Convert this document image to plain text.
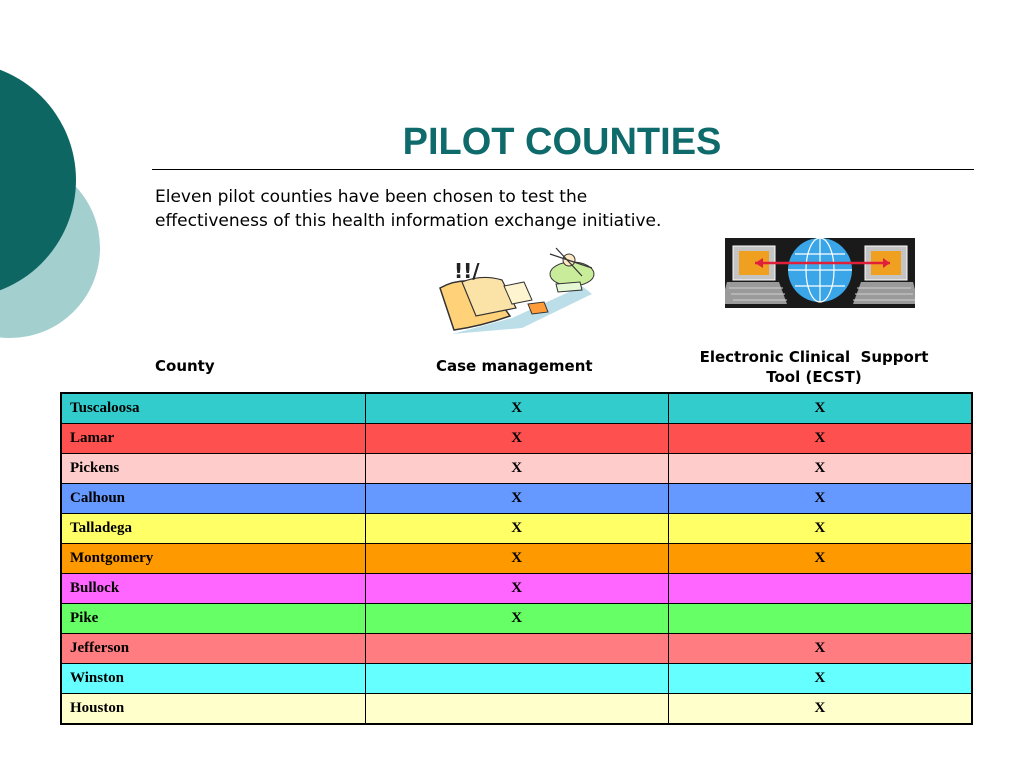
PILOT COUNTIES
Eleven pilot counties have been chosen to test the
effectiveness of this health information exchange initiative.
!!/
County	Case management	Electronic Clinical  Support
Tool (ECST)
Tuscaloosa	X	X
Lamar	X	X
Pickens	X	X
Calhoun	X	X
Talladega	X	X
Montgomery	X	X
Bullock	X	
Pike	X	
Jefferson		X
Winston		X
Houston		X
